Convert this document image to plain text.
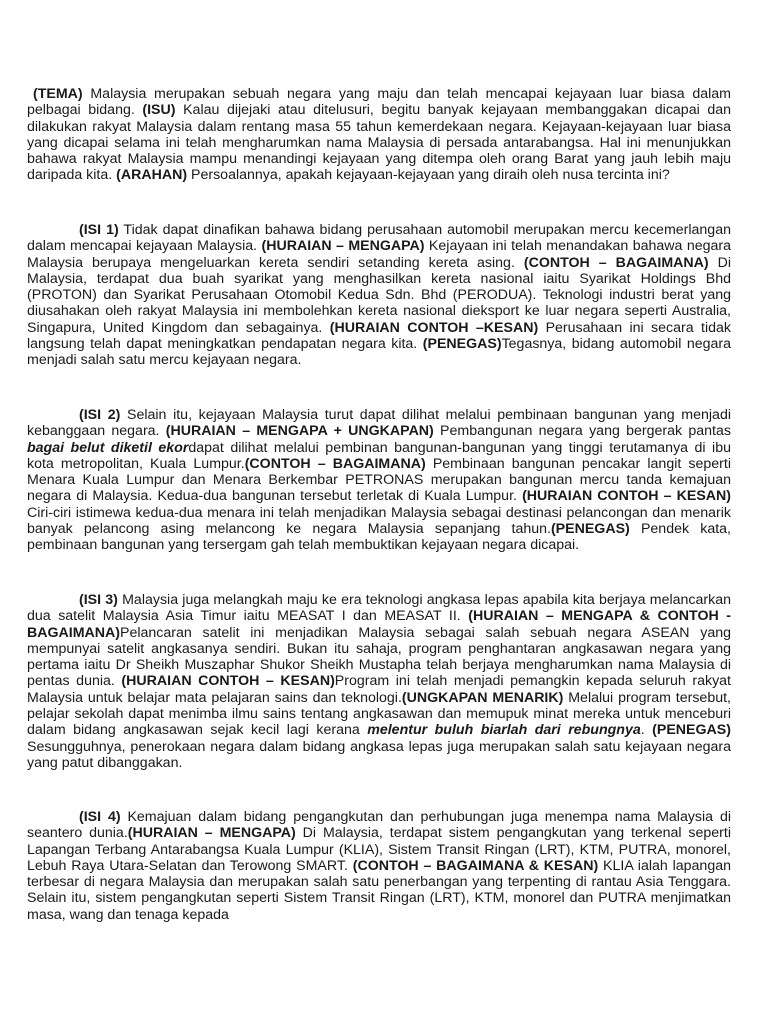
(TEMA) Malaysia merupakan sebuah negara yang maju dan telah mencapai kejayaan luar biasa dalam pelbagai bidang. (ISU) Kalau dijejaki atau ditelusuri, begitu banyak kejayaan membanggakan dicapai dan dilakukan rakyat Malaysia dalam rentang masa 55 tahun kemerdekaan negara. Kejayaan-kejayaan luar biasa yang dicapai selama ini telah mengharumkan nama Malaysia di persada antarabangsa. Hal ini menunjukkan bahawa rakyat Malaysia mampu menandingi kejayaan yang ditempa oleh orang Barat yang jauh lebih maju daripada kita. (ARAHAN) Persoalannya, apakah kejayaan-kejayaan yang diraih oleh nusa tercinta ini?

(ISI 1) Tidak dapat dinafikan bahawa bidang perusahaan automobil merupakan mercu kecemerlangan dalam mencapai kejayaan Malaysia. (HURAIAN – MENGAPA) Kejayaan ini telah menandakan bahawa negara Malaysia berupaya mengeluarkan kereta sendiri setanding kereta asing. (CONTOH – BAGAIMANA) Di Malaysia, terdapat dua buah syarikat yang menghasilkan kereta nasional iaitu Syarikat Holdings Bhd (PROTON) dan Syarikat Perusahaan Otomobil Kedua Sdn. Bhd (PERODUA). Teknologi industri berat yang diusahakan oleh rakyat Malaysia ini membolehkan kereta nasional dieksport ke luar negara seperti Australia, Singapura, United Kingdom dan sebagainya. (HURAIAN CONTOH –KESAN) Perusahaan ini secara tidak langsung telah dapat meningkatkan pendapatan negara kita. (PENEGAS)Tegasnya, bidang automobil negara menjadi salah satu mercu kejayaan negara.

(ISI 2) Selain itu, kejayaan Malaysia turut dapat dilihat melalui pembinaan bangunan yang menjadi kebanggaan negara. (HURAIAN – MENGAPA + UNGKAPAN) Pembangunan negara yang bergerak pantas bagai belut diketil ekordapat dilihat melalui pembinan bangunan-bangunan yang tinggi terutamanya di ibu kota metropolitan, Kuala Lumpur.(CONTOH – BAGAIMANA) Pembinaan bangunan pencakar langit seperti Menara Kuala Lumpur dan Menara Berkembar PETRONAS merupakan bangunan mercu tanda kemajuan negara di Malaysia. Kedua-dua bangunan tersebut terletak di Kuala Lumpur. (HURAIAN CONTOH – KESAN) Ciri-ciri istimewa kedua-dua menara ini telah menjadikan Malaysia sebagai destinasi pelancongan dan menarik banyak pelancong asing melancong ke negara Malaysia sepanjang tahun.(PENEGAS) Pendek kata, pembinaan bangunan yang tersergam gah telah membuktikan kejayaan negara dicapai.

(ISI 3) Malaysia juga melangkah maju ke era teknologi angkasa lepas apabila kita berjaya melancarkan dua satelit Malaysia Asia Timur iaitu MEASAT I dan MEASAT II. (HURAIAN – MENGAPA & CONTOH - BAGAIMANA)Pelancaran satelit ini menjadikan Malaysia sebagai salah sebuah negara ASEAN yang mempunyai satelit angkasanya sendiri. Bukan itu sahaja, program penghantaran angkasawan negara yang pertama iaitu Dr Sheikh Muszaphar Shukor Sheikh Mustapha telah berjaya mengharumkan nama Malaysia di pentas dunia. (HURAIAN CONTOH – KESAN)Program ini telah menjadi pemangkin kepada seluruh rakyat Malaysia untuk belajar mata pelajaran sains dan teknologi.(UNGKAPAN MENARIK) Melalui program tersebut, pelajar sekolah dapat menimba ilmu sains tentang angkasawan dan memupuk minat mereka untuk menceburi dalam bidang angkasawan sejak kecil lagi kerana melentur buluh biarlah dari rebungnya. (PENEGAS) Sesungguhnya, penerokaan negara dalam bidang angkasa lepas juga merupakan salah satu kejayaan negara yang patut dibanggakan.

(ISI 4) Kemajuan dalam bidang pengangkutan dan perhubungan juga menempa nama Malaysia di seantero dunia.(HURAIAN – MENGAPA) Di Malaysia, terdapat sistem pengangkutan yang terkenal seperti Lapangan Terbang Antarabangsa Kuala Lumpur (KLIA), Sistem Transit Ringan (LRT), KTM, PUTRA, monorel, Lebuh Raya Utara-Selatan dan Terowong SMART. (CONTOH – BAGAIMANA & KESAN) KLIA ialah lapangan terbesar di negara Malaysia dan merupakan salah satu penerbangan yang terpenting di rantau Asia Tenggara. Selain itu, sistem pengangkutan seperti Sistem Transit Ringan (LRT), KTM, monorel dan PUTRA menjimatkan masa, wang dan tenaga kepada
